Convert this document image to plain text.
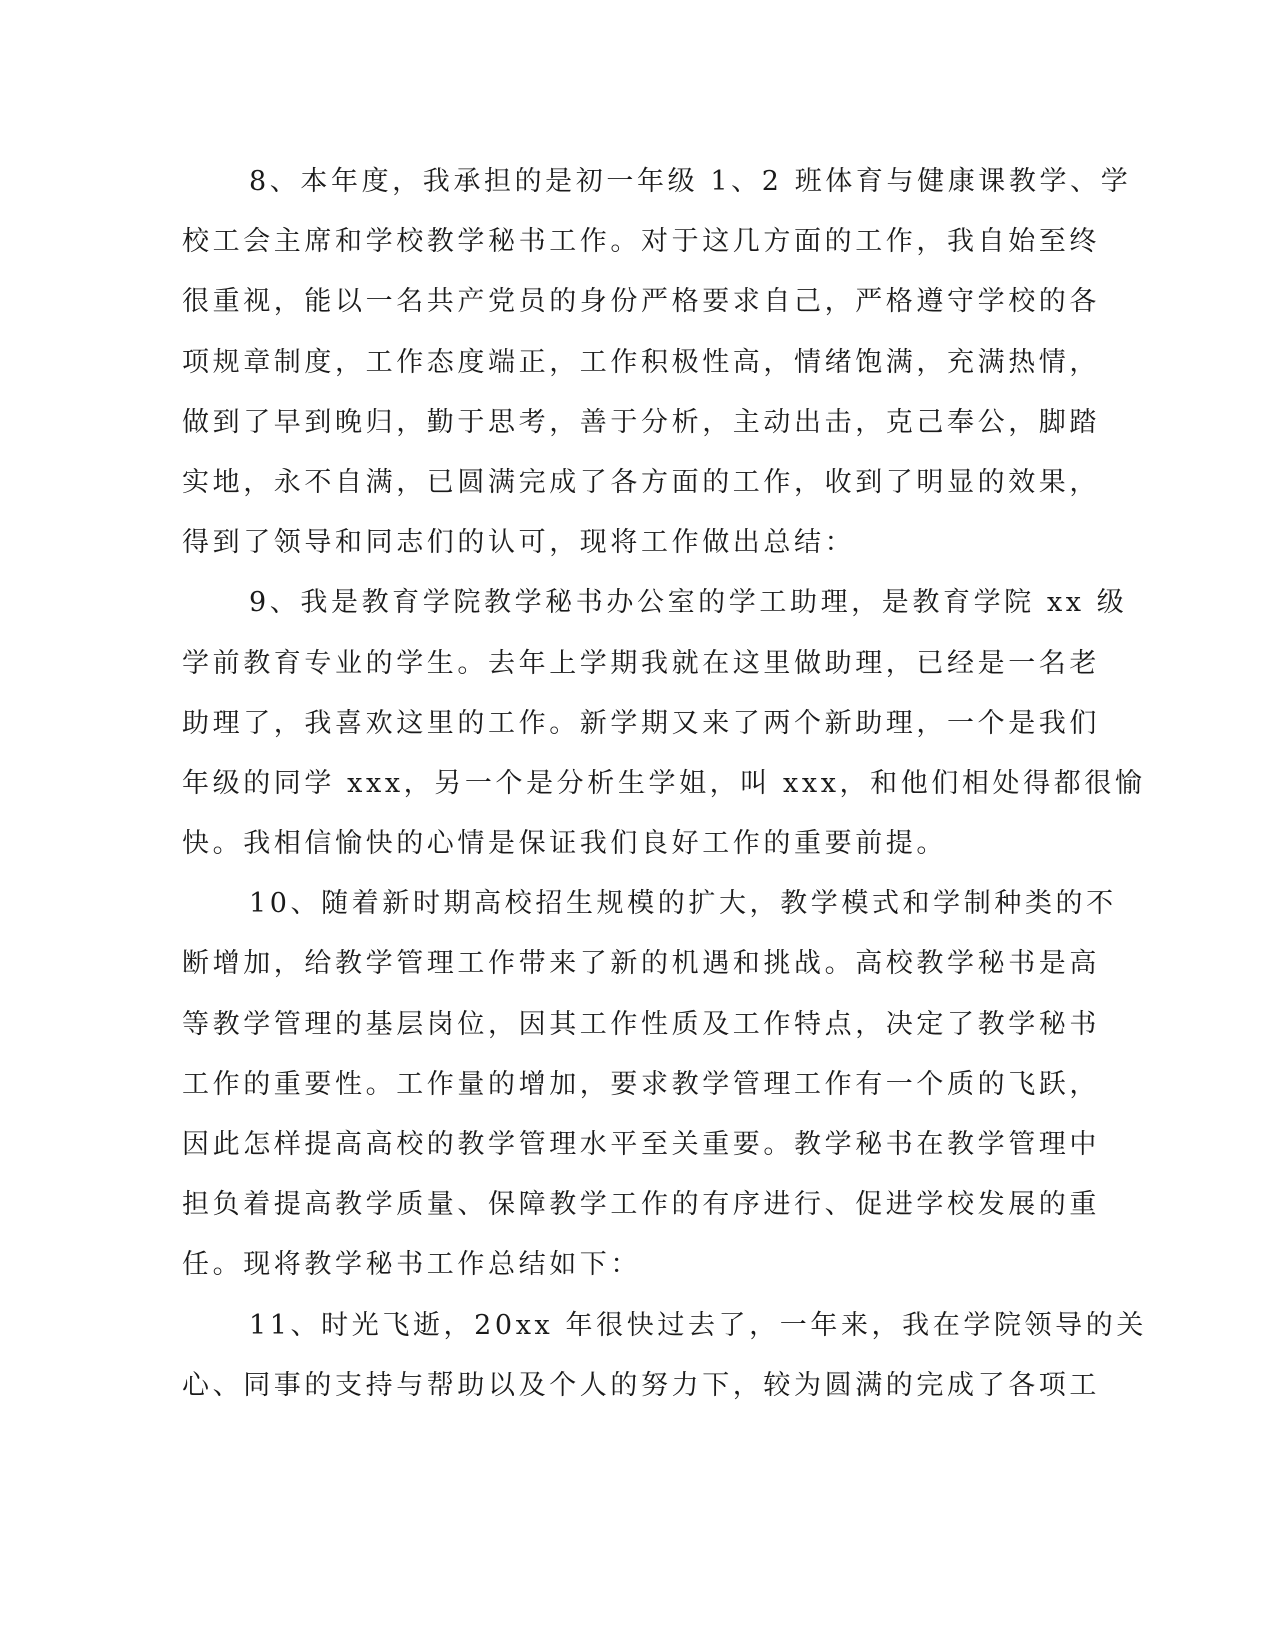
8、本年度，我承担的是初一年级 1、2 班体育与健康课教学、学
校工会主席和学校教学秘书工作。对于这几方面的工作，我自始至终
很重视，能以一名共产党员的身份严格要求自己，严格遵守学校的各
项规章制度，工作态度端正，工作积极性高，情绪饱满，充满热情，
做到了早到晚归，勤于思考，善于分析，主动出击，克己奉公，脚踏
实地，永不自满，已圆满完成了各方面的工作，收到了明显的效果，
得到了领导和同志们的认可，现将工作做出总结：
9、我是教育学院教学秘书办公室的学工助理，是教育学院 xx 级
学前教育专业的学生。去年上学期我就在这里做助理，已经是一名老
助理了，我喜欢这里的工作。新学期又来了两个新助理，一个是我们
年级的同学 xxx，另一个是分析生学姐，叫 xxx，和他们相处得都很愉
快。我相信愉快的心情是保证我们良好工作的重要前提。
10、随着新时期高校招生规模的扩大，教学模式和学制种类的不
断增加，给教学管理工作带来了新的机遇和挑战。高校教学秘书是高
等教学管理的基层岗位，因其工作性质及工作特点，决定了教学秘书
工作的重要性。工作量的增加，要求教学管理工作有一个质的飞跃，
因此怎样提高高校的教学管理水平至关重要。教学秘书在教学管理中
担负着提高教学质量、保障教学工作的有序进行、促进学校发展的重
任。现将教学秘书工作总结如下：
11、时光飞逝，20xx 年很快过去了，一年来，我在学院领导的关
心、同事的支持与帮助以及个人的努力下，较为圆满的完成了各项工
